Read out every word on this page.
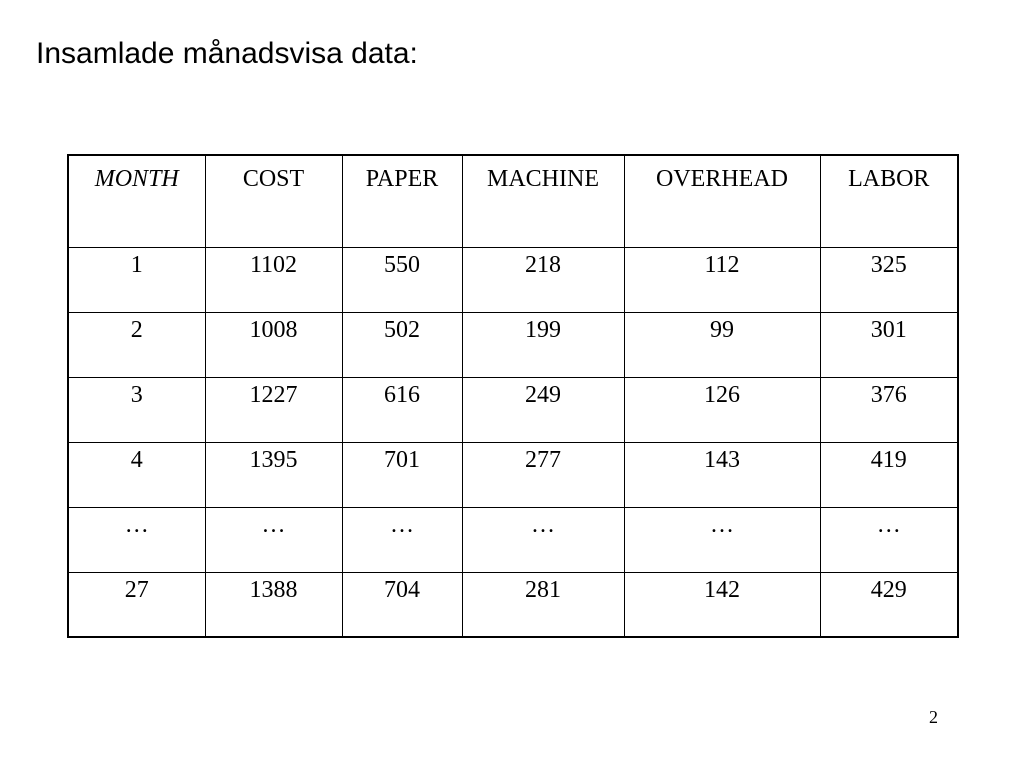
Insamlade månadsvisa data:
MONTH	COST	PAPER	MACHINE	OVERHEAD	LABOR
1	1102	550	218	112	325
2	1008	502	199	99	301
3	1227	616	249	126	376
4	1395	701	277	143	419
…	…	…	…	…	…
27	1388	704	281	142	429
2
